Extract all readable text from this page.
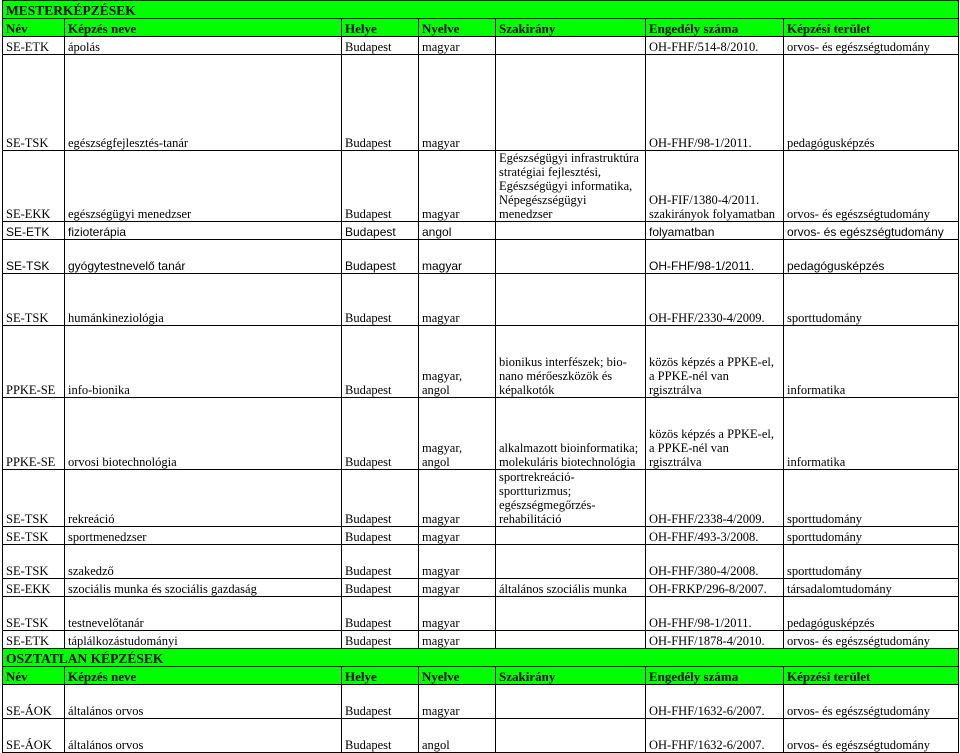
MESTERKÉPZÉSEK						
Név	Képzés neve	Helye	Nyelve	Szakirány	Engedély száma	Képzési terület
SE-ETK	ápolás	Budapest	magyar		OH-FHF/514-8/2010.	orvos- és egészségtudomány
SE-TSK	egészségfejlesztés-tanár	Budapest	magyar		OH-FHF/98-1/2011.	pedagógusképzés
SE-EKK	egészségügyi menedzser	Budapest	magyar	Egészségügyi infrastruktúra stratégiai fejlesztési, Egészségügyi informatika, Népegészségügyi menedzser	OH-FIF/1380-4/2011. szakirányok folyamatban	orvos- és egészségtudomány
SE-ETK	fizioterápia	Budapest	angol		folyamatban	orvos- és egészségtudomány
SE-TSK	gyógytestnevelő tanár	Budapest	magyar		OH-FHF/98-1/2011.	pedagógusképzés
SE-TSK	humánkineziológia	Budapest	magyar		OH-FHF/2330-4/2009.	sporttudomány
PPKE-SE	info-bionika	Budapest	magyar, angol	bionikus interfészek; bio-nano mérőeszközök és képalkotók	közös képzés a PPKE-el, a PPKE-nél van rgisztrálva	informatika
PPKE-SE	orvosi biotechnológia	Budapest	magyar, angol	alkalmazott bioinformatika; molekuláris biotechnológia	közös képzés a PPKE-el, a PPKE-nél van rgisztrálva	informatika
SE-TSK	rekreáció	Budapest	magyar	sportrekreáció-sportturizmus; egészségmegőrzés-rehabilitáció	OH-FHF/2338-4/2009.	sporttudomány
SE-TSK	sportmenedzser	Budapest	magyar		OH-FHF/493-3/2008.	sporttudomány
SE-TSK	szakedző	Budapest	magyar		OH-FHF/380-4/2008.	sporttudomány
SE-EKK	szociális munka és szociális gazdaság	Budapest	magyar	általános szociális munka	OH-FRKP/296-8/2007.	társadalomtudomány
SE-TSK	testnevelőtanár	Budapest	magyar		OH-FHF/98-1/2011.	pedagógusképzés
SE-ETK	táplálkozástudományi	Budapest	magyar		OH-FHF/1878-4/2010.	orvos- és egészségtudomány
OSZTATLAN KÉPZÉSEK						
Név	Képzés neve	Helye	Nyelve	Szakirány	Engedély száma	Képzési terület
SE-ÁOK	általános orvos	Budapest	magyar		OH-FHF/1632-6/2007.	orvos- és egészségtudomány
SE-ÁOK	általános orvos	Budapest	angol		OH-FHF/1632-6/2007.	orvos- és egészségtudomány
